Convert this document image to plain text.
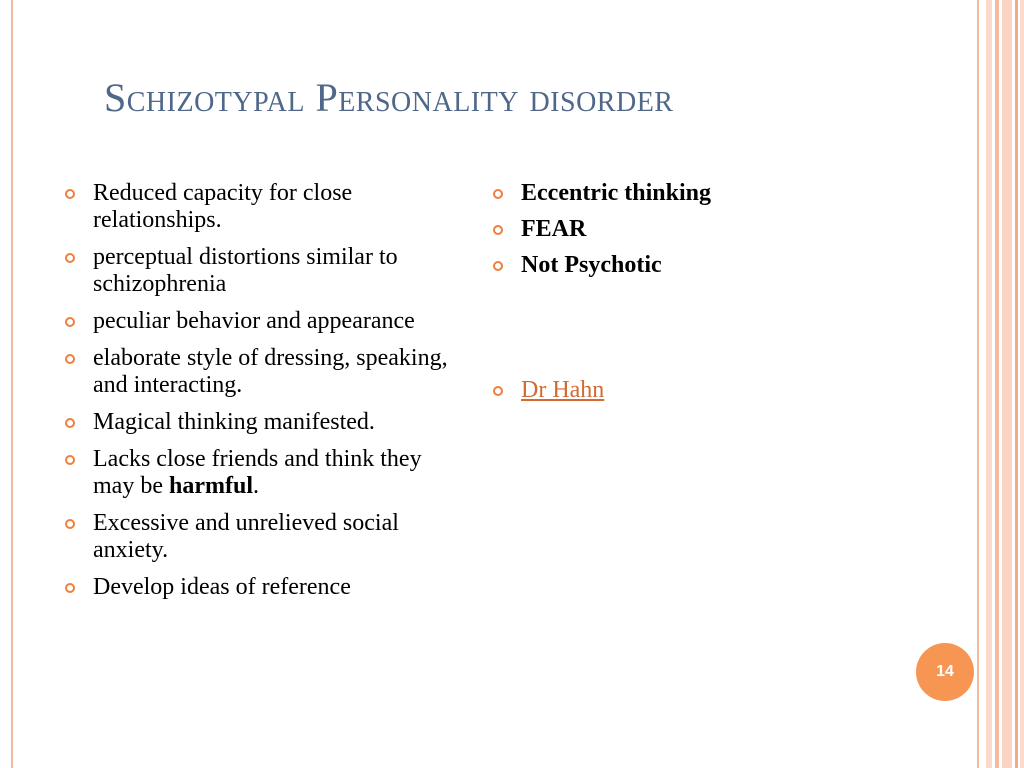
Schizotypal Personality disorder
Reduced capacity for close relationships.
perceptual distortions similar to schizophrenia
peculiar behavior and appearance
elaborate style of dressing, speaking, and interacting.
Magical thinking manifested.
Lacks close friends and think they may be harmful.
Excessive and unrelieved social anxiety.
Develop ideas of reference
Eccentric thinking
FEAR
Not Psychotic
Dr Hahn
14
